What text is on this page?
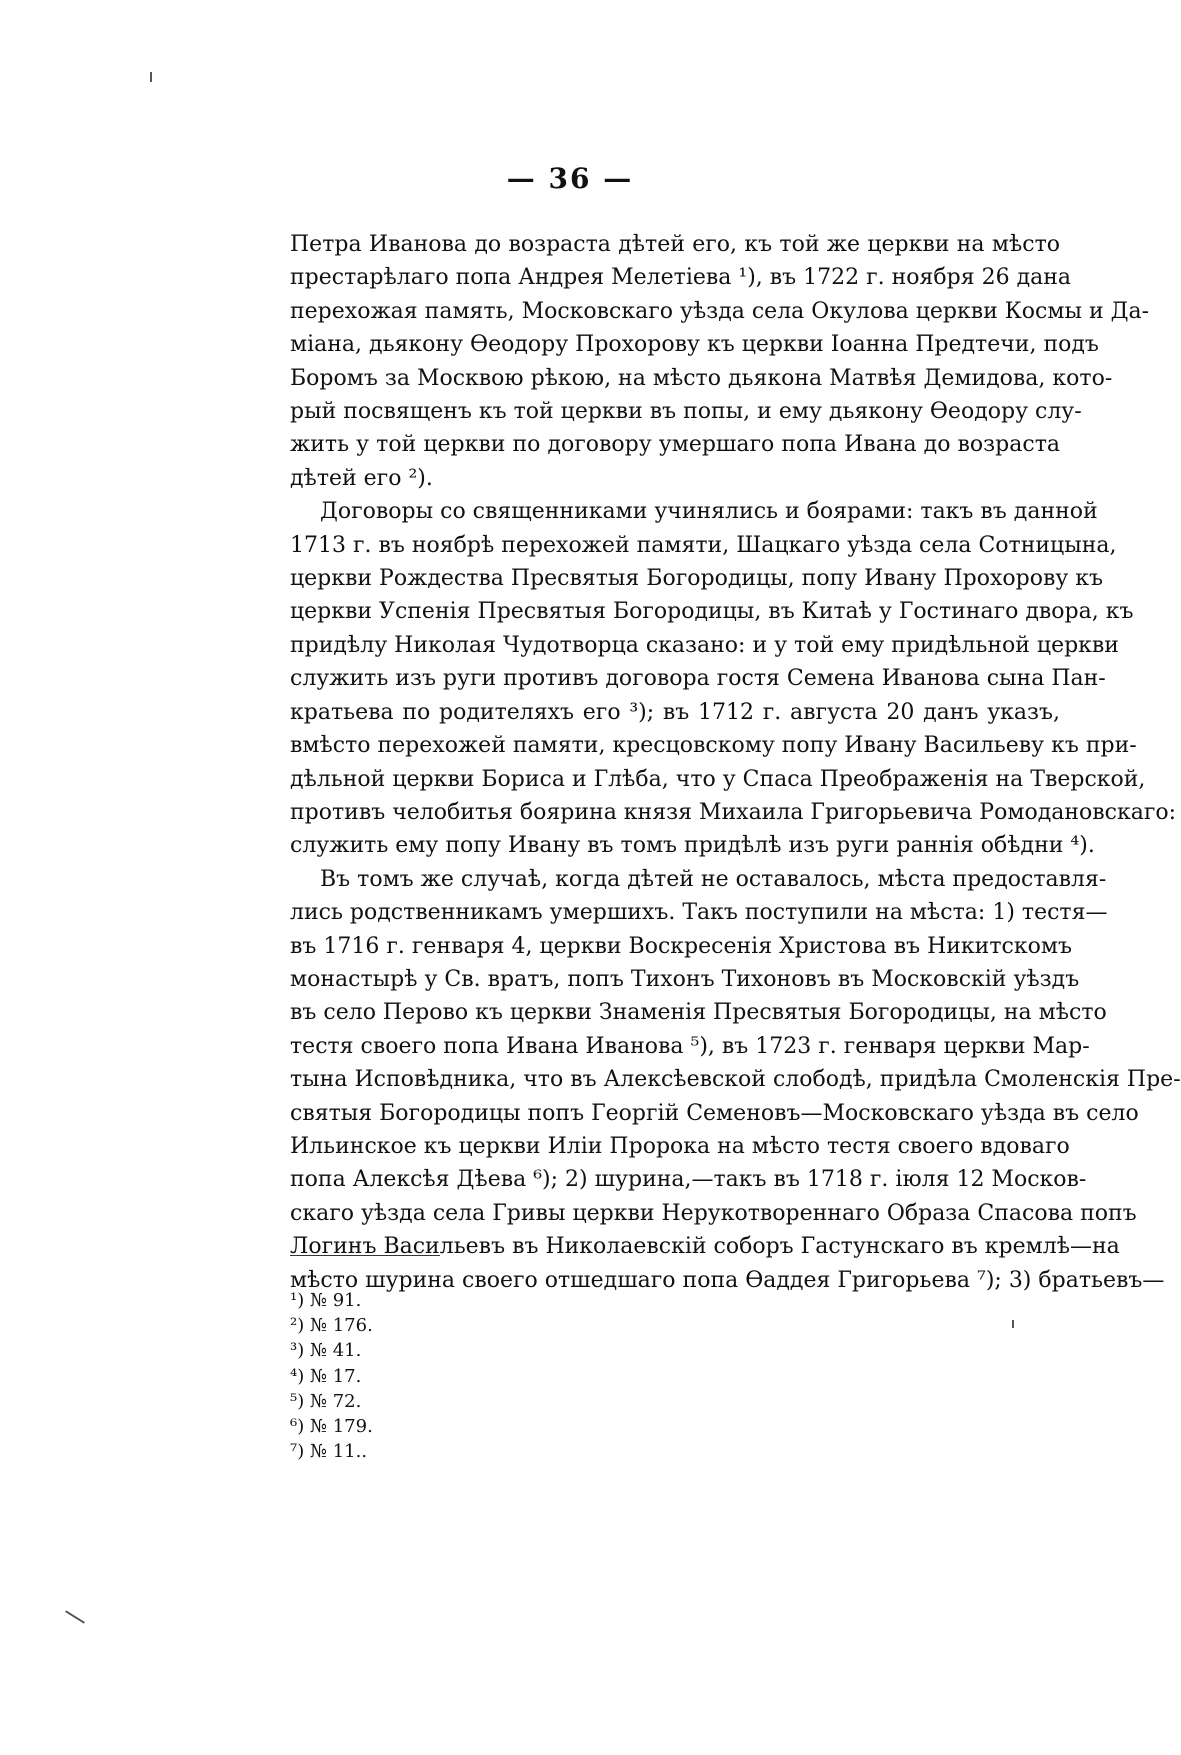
— 36 —
Петра Иванова до возраста дѣтей его, къ той же церкви на мѣсто
престарѣлаго попа Андрея Мелетіева ¹), въ 1722 г. ноября 26 дана
перехожая память, Московскаго уѣзда села Окулова церкви Космы и Да-
міана, дьякону Ѳеодору Прохорову къ церкви Іоанна Предтечи, подъ
Боромъ за Москвою рѣкою, на мѣсто дьякона Матвѣя Демидова, кото-
рый посвященъ къ той церкви въ попы, и ему дьякону Ѳеодору слу-
жить у той церкви по договору умершаго попа Ивана до возраста
дѣтей его ²).
Договоры со священниками учинялись и боярами: такъ въ данной
1713 г. въ ноябрѣ перехожей памяти, Шацкаго уѣзда села Сотницына,
церкви Рождества Пресвятыя Богородицы, попу Ивану Прохорову къ
церкви Успенія Пресвятыя Богородицы, въ Китаѣ у Гостинаго двора, къ
придѣлу Николая Чудотворца сказано: и у той ему придѣльной церкви
служить изъ руги противъ договора гостя Семена Иванова сына Пан-
кратьева по родителяхъ его ³); въ 1712 г. августа 20 данъ указъ,
вмѣсто перехожей памяти, кресцовскому попу Ивану Васильеву къ при-
дѣльной церкви Бориса и Глѣба, что у Спаса Преображенія на Тверской,
противъ челобитья боярина князя Михаила Григорьевича Ромодановскаго:
служить ему попу Ивану въ томъ придѣлѣ изъ руги раннія обѣдни ⁴).
Въ томъ же случаѣ, когда дѣтей не оставалось, мѣста предоставля-
лись родственникамъ умершихъ. Такъ поступили на мѣста: 1) тестя—
въ 1716 г. генваря 4, церкви Воскресенія Христова въ Никитскомъ
монастырѣ у Св. вратъ, попъ Тихонъ Тихоновъ въ Московскій уѣздъ
въ село Перово къ церкви Знаменія Пресвятыя Богородицы, на мѣсто
тестя своего попа Ивана Иванова ⁵), въ 1723 г. генваря церкви Мар-
тына Исповѣдника, что въ Алексѣевской слободѣ, придѣла Смоленскія Пре-
святыя Богородицы попъ Георгій Семеновъ—Московскаго уѣзда въ село
Ильинское къ церкви Иліи Пророка на мѣсто тестя своего вдоваго
попа Алексѣя Дѣева ⁶); 2) шурина,—такъ въ 1718 г. іюля 12 Москов-
скаго уѣзда села Гривы церкви Нерукотвореннаго Образа Спасова попъ
Логинъ Васильевъ въ Николаевскій соборъ Гастунскаго въ кремлѣ—на
мѣсто шурина своего отшедшаго попа Ѳаддея Григорьева ⁷); 3) братьевъ—
¹) № 91.
²) № 176.
³) № 41.
⁴) № 17.
⁵) № 72.
⁶) № 179.
⁷) № 11..
